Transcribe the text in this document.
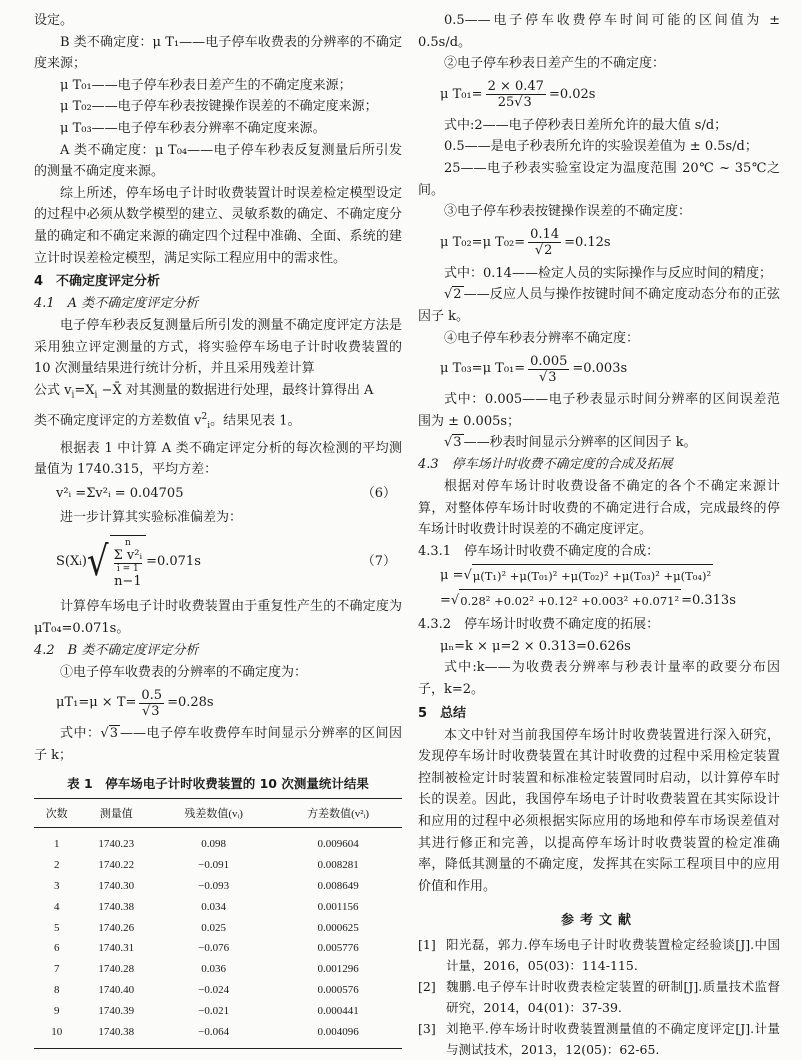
设定。

B 类不确定度：μ T₁——电子停车收费表的分辨率的不确定度来源；

μ T₀₁——电子停车秒表日差产生的不确定度来源；

μ T₀₂——电子停车秒表按键操作误差的不确定度来源；

μ T₀₃——电子停车秒表分辨率不确定度来源。

A 类不确定度：μ T₀₄——电子停车秒表反复测量后所引发的测量不确定度来源。

综上所述，停车场电子计时收费装置计时误差检定模型设定的过程中必须从数学模型的建立、灵敏系数的确定、不确定度分量的确定和不确定来源的确定四个过程中准确、全面、系统的建立计时误差检定模型，满足实际工程应用中的需求性。

4　不确定度评定分析

4.1　A 类不确定度评定分析

电子停车秒表反复测量后所引发的测量不确定度评定方法是采用独立评定测量的方式，将实验停车场电子计时收费装置的 10 次测量结果进行统计分析，并且采用残差计算

公式 $v_i=X_i$ −X̄ 对其测量的数据进行处理，最终计算得出 A

类不确定度评定的方差数值 $v^2_i$。结果见表 1。

根据表 1 中计算 A 类不确定评定分析的每次检测的平均测量值为 1740.315，平均方差：

v²ᵢ =Σv²ᵢ = 0.04705	（6）

进一步计算其实验标准偏差为：

S(Xᵢ) √ n
Σ v²ᵢ
i = 1
n−1
=0.071s	（7）

计算停车场电子计时收费装置由于重复性产生的不确定度为 μT₀₄=0.071s。

4.2　B 类不确定度评定分析

①电子停车收费表的分辨率的不确定度为：

μT₁=μ × T= 0.5
√ 3 =0.28s

式中： √ 3 ——电子停车收费停车时间显示分辨率的区间因子 k；

表 1　停车场电子计时收费装置的 10 次测量统计结果
次数	测量值	残差数值(vᵢ)	方差数值(v²ᵢ)
1	1740.23	0.098	0.009604
2	1740.22	−0.091	0.008281
3	1740.30	−0.093	0.008649
4	1740.38	0.034	0.001156
5	1740.26	0.025	0.000625
6	1740.31	−0.076	0.005776
7	1740.28	0.036	0.001296
8	1740.40	−0.024	0.000576
9	1740.39	−0.021	0.000441
10	1740.38	−0.064	0.004096

0.5——电子停车收费停车时间可能的区间值为 ± 0.5s/d。

②电子停车秒表日差产生的不确定度：

μ $T_{01}= \frac{2 \times 0.47}{25 √ 3} =0.02s$

式中:2——电子停秒表日差所允许的最大值 s/d；

0.5——是电子秒表所允许的实验误差值为 ± 0.5s/d；

25——电子秒表实验室设定为温度范围 20℃ ~ 35℃之间。

③电子停车秒表按键操作误差的不确定度：

μ T₀₂=μ T₀₂= 0.14
√ 2 =0.12s

式中：0.14——检定人员的实际操作与反应时间的精度；

√ 2 ——反应人员与操作按键时间不确定度动态分布的正弦因子 k。

④电子停车秒表分辨率不确定度：

μ T₀₃=μ T₀₁= 0.005
√ 3 =0.003s

式中：0.005——电子秒表显示时间分辨率的区间误差范围为 ± 0.005s；

√ 3 ——秒表时间显示分辨率的区间因子 k。

4.3　停车场计时收费不确定度的合成及拓展

根据对停车场计时收费设备不确定的各个不确定来源计算，对整体停车场计时收费的不确定进行合成，完成最终的停车场计时收费计时误差的不确定度评定。

4.3.1　停车场计时收费不确定度的合成：

μ = √ μ(T₁)² +μ(T₀₁)² +μ(T₀₂)² +μ(T₀₃)² +μ(T₀₄)²
= √ 0.28² +0.02² +0.12² +0.003² +0.071² =0.313s

4.3.2　停车场计时收费不确定度的拓展：

μₙ=k × μ=2 × 0.313=0.626s

式中:k——为收费表分辨率与秒表计量率的政要分布因子，k=2。

5　总结

本文中针对当前我国停车场计时收费装置进行深入研究，发现停车场计时收费装置在其计时收费的过程中采用检定装置控制被检定计时装置和标准检定装置同时启动，以计算停车时长的误差。因此，我国停车场电子计时收费装置在其实际设计和应用的过程中必须根据实际应用的场地和停车市场误差值对其进行修正和完善，以提高停车场计时收费装置的检定准确率，降低其测量的不确定度，发挥其在实际工程项目中的应用价值和作用。

参考文献
[1] 阳光磊，郭力.停车场电子计时收费装置检定经验谈[J].中国计量，2016，05(03)：114-115.
[2] 魏鹏.电子停车计时收费表检定装置的研制[J].质量技术监督研究，2014，04(01)：37-39.
[3] 刘艳平.停车场计时收费装置测量值的不确定度评定[J].计量与测试技术，2013，12(05)：62-65.
